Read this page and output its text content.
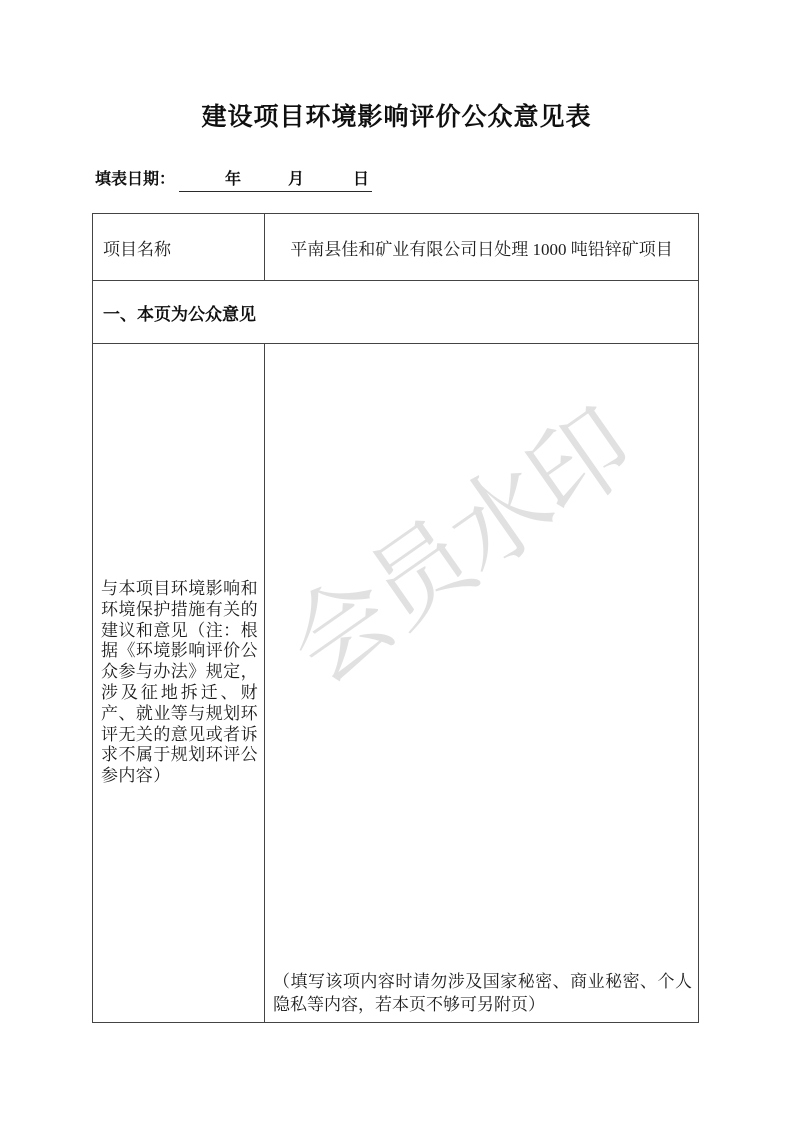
会员水印
建设项目环境影响评价公众意见表
填表日期：	年	月	日
项目名称	平南县佳和矿业有限公司日处理 1000 吨铅锌矿项目
一、本页为公众意见	
与本项目环境影响和环境保护措施有关的建议和意见（注：根据《环境影响评价公众参与办法》规定，涉及征地拆迁、财产、就业等与规划环评无关的意见或者诉求不属于规划环评公参内容）	（填写该项内容时请勿涉及国家秘密、商业秘密、个人隐私等内容，若本页不够可另附页）
